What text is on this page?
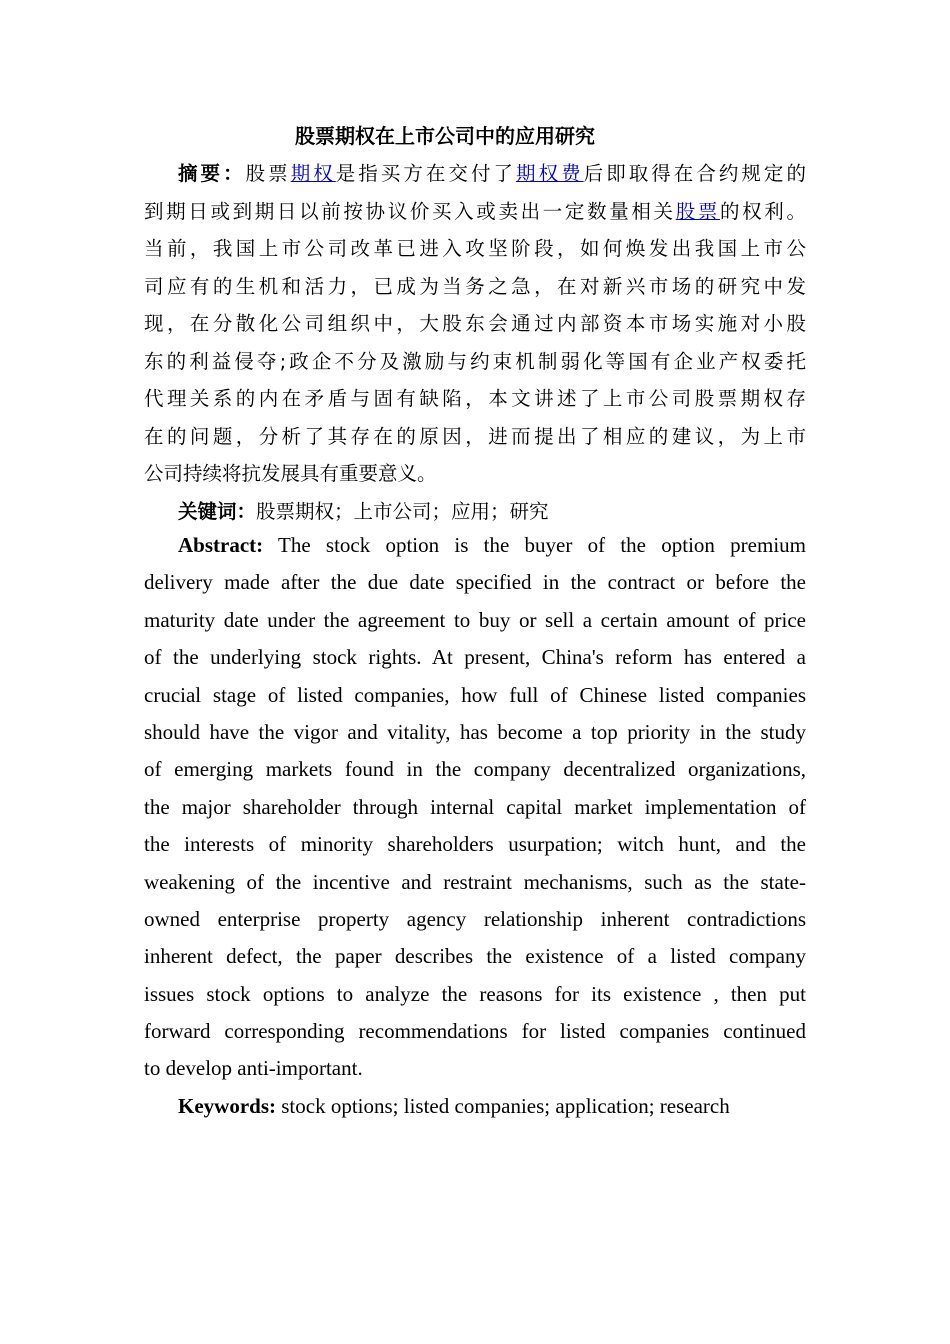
股票期权在上市公司中的应用研究
摘要：股票期权是指买方在交付了期权费后即取得在合约规定的
到期日或到期日以前按协议价买入或卖出一定数量相关股票的权利。
当前，我国上市公司改革已进入攻坚阶段，如何焕发出我国上市公
司应有的生机和活力，已成为当务之急，在对新兴市场的研究中发
现，在分散化公司组织中，大股东会通过内部资本市场实施对小股
东的利益侵夺;政企不分及激励与约束机制弱化等国有企业产权委托
代理关系的内在矛盾与固有缺陷，本文讲述了上市公司股票期权存
在的问题，分析了其存在的原因，进而提出了相应的建议，为上市
公司持续将抗发展具有重要意义。
关键词：股票期权；上市公司；应用；研究
Abstract: The stock option is the buyer of the option premium
delivery made after the due date specified in the contract or before the
maturity date under the agreement to buy or sell a certain amount of price
of the underlying stock rights. At present, China's reform has entered a
crucial stage of listed companies, how full of Chinese listed companies
should have the vigor and vitality, has become a top priority in the study
of emerging markets found in the company decentralized organizations,
the major shareholder through internal capital market implementation of
the interests of minority shareholders usurpation; witch hunt, and the
weakening of the incentive and restraint mechanisms, such as the state-
owned enterprise property agency relationship inherent contradictions
inherent defect, the paper describes the existence of a listed company
issues stock options to analyze the reasons for its existence , then put
forward corresponding recommendations for listed companies continued
to develop anti-important.
Keywords: stock options; listed companies; application; research
